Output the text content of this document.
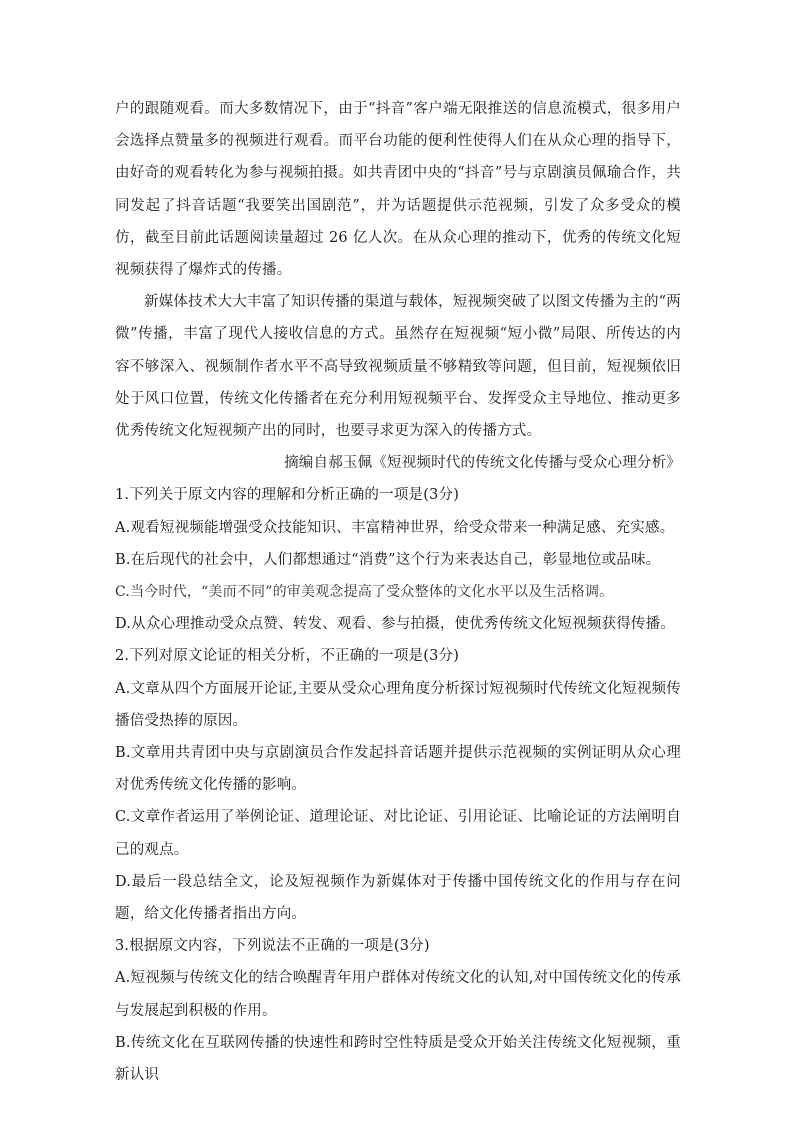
户的跟随观看。而大多数情况下，由于“抖音”客户端无限推送的信息流模式，很多用户会选择点赞量多的视频进行观看。而平台功能的便利性使得人们在从众心理的指导下，由好奇的观看转化为参与视频拍摄。如共青团中央的“抖音”号与京剧演员佩瑜合作，共同发起了抖音话题“我要笑出国剧范”，并为话题提供示范视频，引发了众多受众的模仿，截至目前此话题阅读量超过 26 亿人次。在从众心理的推动下，优秀的传统文化短视频获得了爆炸式的传播。

新媒体技术大大丰富了知识传播的渠道与载体，短视频突破了以图文传播为主的“两微”传播，丰富了现代人接收信息的方式。虽然存在短视频“短小微”局限、所传达的内容不够深入、视频制作者水平不高导致视频质量不够精致等问题，但目前，短视频依旧处于风口位置，传统文化传播者在充分利用短视频平台、发挥受众主导地位、推动更多优秀传统文化短视频产出的同时，也要寻求更为深入的传播方式。

摘编自郝玉佩《短视频时代的传统文化传播与受众心理分析》

1.下列关于原文内容的理解和分析正确的一项是(3分)

A.观看短视频能增强受众技能知识、丰富精神世界，给受众带来一种满足感、充实感。

B.在后现代的社会中，人们都想通过“消费”这个行为来表达自己，彰显地位或品味。

C.当今时代，“美而不同”的审美观念提高了受众整体的文化水平以及生活格调。

D.从众心理推动受众点赞、转发、观看、参与拍摄，使优秀传统文化短视频获得传播。

2.下列对原文论证的相关分析，不正确的一项是(3分)

A.文章从四个方面展开论证,主要从受众心理角度分析探讨短视频时代传统文化短视频传播倍受热捧的原因。

B.文章用共青团中央与京剧演员合作发起抖音话题并提供示范视频的实例证明从众心理对优秀传统文化传播的影响。

C.文章作者运用了举例论证、道理论证、对比论证、引用论证、比喻论证的方法阐明自己的观点。

D.最后一段总结全文，论及短视频作为新媒体对于传播中国传统文化的作用与存在问题，给文化传播者指出方向。

3.根据原文内容，下列说法不正确的一项是(3分)

A.短视频与传统文化的结合唤醒青年用户群体对传统文化的认知,对中国传统文化的传承与发展起到积极的作用。

B.传统文化在互联网传播的快速性和跨时空性特质是受众开始关注传统文化短视频，重新认识
